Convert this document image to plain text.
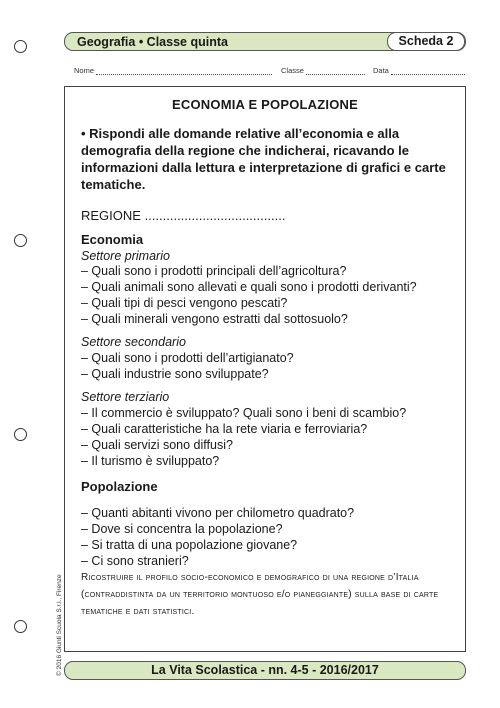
Geografia • Classe quinta	Scheda 2
Nome	Classe	Data
ECONOMIA E POPOLAZIONE
• Rispondi alle domande relative all’economia e alla demografia della regione che indicherai, ricavando le informazioni dalla lettura e interpretazione di grafici e carte tematiche.
REGIONE .......................................
Economia
Settore primario
– Quali sono i prodotti principali dell’agricoltura?
– Quali animali sono allevati e quali sono i prodotti derivanti?
– Quali tipi di pesci vengono pescati?
– Quali minerali vengono estratti dal sottosuolo?
Settore secondario
– Quali sono i prodotti dell’artigianato?
– Quali industrie sono sviluppate?
Settore terziario
– Il commercio è sviluppato? Quali sono i beni di scambio?
– Quali caratteristiche ha la rete viaria e ferroviaria?
– Quali servizi sono diffusi?
– Il turismo è sviluppato?
Popolazione
– Quanti abitanti vivono per chilometro quadrato?
– Dove si concentra la popolazione?
– Si tratta di una popolazione giovane?
– Ci sono stranieri?
Ricostruire il profilo socio-economico e demografico di una regione d’Italia (contraddistinta da un territorio montuoso e/o pianeggiante) sulla base di carte tematiche e dati statistici.
La Vita Scolastica - nn. 4-5 - 2016/2017
© 2016 Giunti Scuola S.r.l., Firenze
